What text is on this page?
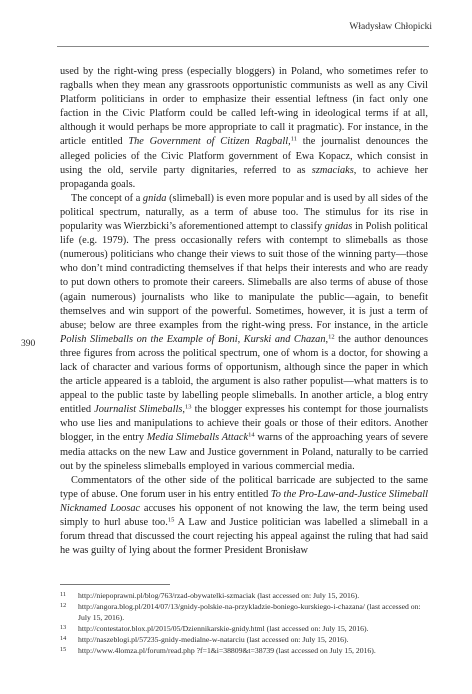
Władysław Chłopicki
390

used by the right-wing press (especially bloggers) in Poland, who sometimes refer to ragballs when they mean any grassroots opportunistic communists as well as any Civil Platform politicians in order to emphasize their essential leftness (in fact only one faction in the Civic Platform could be called left-wing in ideological terms if at all, although it would perhaps be more appropriate to call it pragmatic). For instance, in the article entitled The Government of Citizen Ragball,$^{11}$ the journalist denounces the alleged policies of the Civic Platform government of Ewa Kopacz, which consist in using the old, servile party dignitaries, referred to as szmaciaks, to achieve her propaganda goals.

The concept of a gnida (slimeball) is even more popular and is used by all sides of the political spectrum, naturally, as a term of abuse too. The stimulus for its rise in popularity was Wierzbicki’s aforementioned attempt to classify gnidas in Polish political life (e.g. 1979). The press occasionally refers with contempt to slimeballs as those (numerous) politicians who change their views to suit those of the winning party—those who don’t mind contradicting themselves if that helps their interests and who are ready to put down others to promote their careers. Slimeballs are also terms of abuse of those (again numerous) journalists who like to manipulate the public—again, to benefit themselves and win support of the powerful. Sometimes, however, it is just a term of abuse; below are three examples from the right-wing press. For instance, in the article Polish Slimeballs on the Example of Boni, Kurski and Chazan,$^{12}$ the author denounces three figures from across the political spectrum, one of whom is a doctor, for showing a lack of character and various forms of opportunism, although since the paper in which the article appeared is a tabloid, the argument is also rather populist—what matters is to appeal to the public taste by labelling people slimeballs. In another article, a blog entry entitled Journalist Slimeballs,$^{13}$ the blogger expresses his contempt for those journalists who use lies and manipulations to achieve their goals or those of their editors. Another blogger, in the entry Media Slimeballs Attack$^{14}$ warns of the approaching years of severe media attacks on the new Law and Justice government in Poland, naturally to be carried out by the spineless slimeballs employed in various commercial media.

Commentators of the other side of the political barricade are subjected to the same type of abuse. One forum user in his entry entitled To the Pro-Law-and-Justice Slimeball Nicknamed Loosac accuses his opponent of not knowing the law, the term being used simply to hurl abuse too.$^{15}$ A Law and Justice politician was labelled a slimeball in a forum thread that discussed the court rejecting his appeal against the ruling that had said he was guilty of lying about the former President Bronisław

11 http://niepoprawni.pl/blog/763/rzad-obywatelki-szmaciak (last accessed on: July 15, 2016).
12 http://angora.blog.pl/2014/07/13/gnidy-polskie-na-przykladzie-boniego-kurskiego-i-chazana/ (last accessed on: July 15, 2016).
13 http://contestator.blox.pl/2015/05/Dziennikarskie-gnidy.html (last accessed on: July 15, 2016).
14 http://naszeblogi.pl/57235-gnidy-medialne-w-natarciu (last accessed on: July 15, 2016).
15 http://www.4lomza.pl/forum/read.php ?f=1&i=38809&t=38739 (last accessed on July 15, 2016).
